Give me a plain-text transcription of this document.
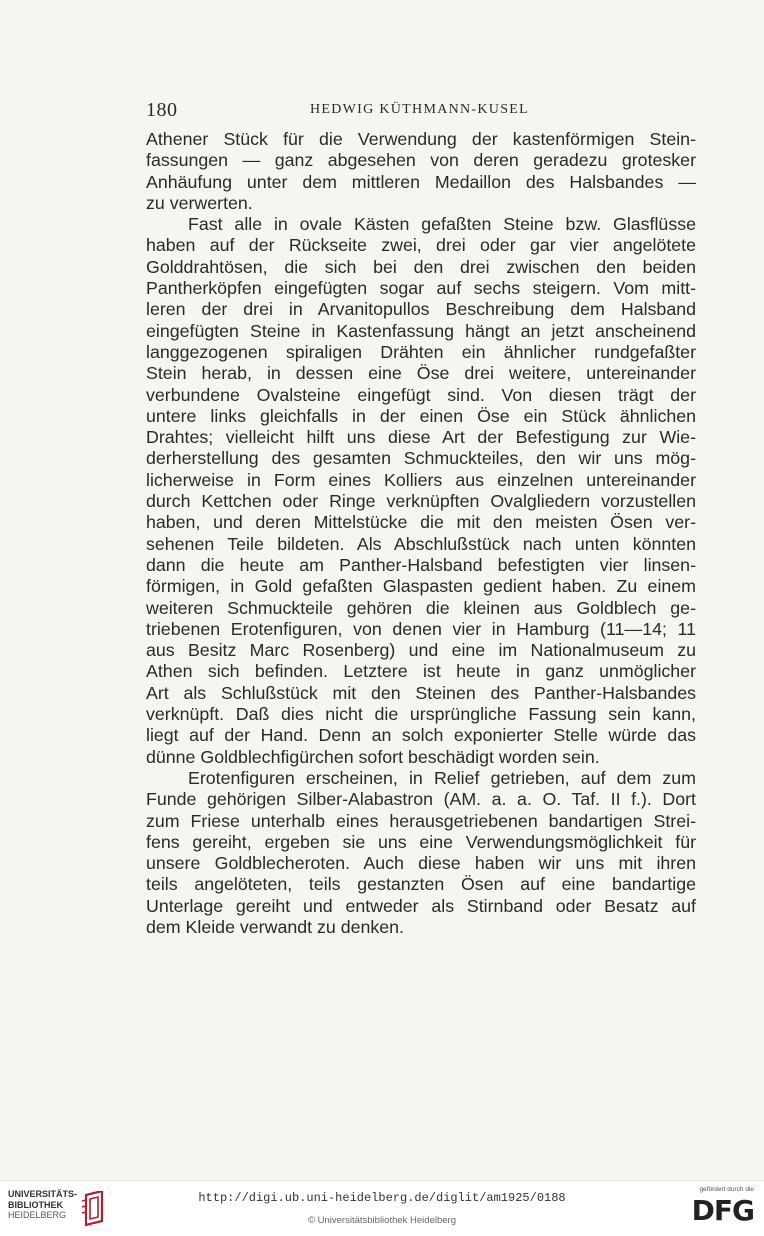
180	HEDWIG KÜTHMANN-KUSEL
Athener Stück für die Verwendung der kastenförmigen Stein-
fassungen — ganz abgesehen von deren geradezu grotesker
Anhäufung unter dem mittleren Medaillon des Halsbandes —
zu verwerten.
Fast alle in ovale Kästen gefaßten Steine bzw. Glasflüsse
haben auf der Rückseite zwei, drei oder gar vier angelötete
Golddrahtösen, die sich bei den drei zwischen den beiden
Pantherköpfen eingefügten sogar auf sechs steigern. Vom mitt-
leren der drei in Arvanitopullos Beschreibung dem Halsband
eingefügten Steine in Kastenfassung hängt an jetzt anscheinend
langgezogenen spiraligen Drähten ein ähnlicher rundgefaßter
Stein herab, in dessen eine Öse drei weitere, untereinander
verbundene Ovalsteine eingefügt sind. Von diesen trägt der
untere links gleichfalls in der einen Öse ein Stück ähnlichen
Drahtes; vielleicht hilft uns diese Art der Befestigung zur Wie-
derherstellung des gesamten Schmuckteiles, den wir uns mög-
licherweise in Form eines Kolliers aus einzelnen untereinander
durch Kettchen oder Ringe verknüpften Ovalgliedern vorzustellen
haben, und deren Mittelstücke die mit den meisten Ösen ver-
sehenen Teile bildeten. Als Abschlußstück nach unten könnten
dann die heute am Panther-Halsband befestigten vier linsen-
förmigen, in Gold gefaßten Glaspasten gedient haben. Zu einem
weiteren Schmuckteile gehören die kleinen aus Goldblech ge-
triebenen Erotenfiguren, von denen vier in Hamburg (11—14; 11
aus Besitz Marc Rosenberg) und eine im Nationalmuseum zu
Athen sich befinden. Letztere ist heute in ganz unmöglicher
Art als Schlußstück mit den Steinen des Panther-Halsbandes
verknüpft. Daß dies nicht die ursprüngliche Fassung sein kann,
liegt auf der Hand. Denn an solch exponierter Stelle würde das
dünne Goldblechfigürchen sofort beschädigt worden sein.
Erotenfiguren erscheinen, in Relief getrieben, auf dem zum
Funde gehörigen Silber-Alabastron (AM. a. a. O. Taf. II f.). Dort
zum Friese unterhalb eines herausgetriebenen bandartigen Strei-
fens gereiht, ergeben sie uns eine Verwendungsmöglichkeit für
unsere Goldblecheroten. Auch diese haben wir uns mit ihren
teils angelöteten, teils gestanzten Ösen auf eine bandartige
Unterlage gereiht und entweder als Stirnband oder Besatz auf
dem Kleide verwandt zu denken.
UNIVERSITÄTS-
BIBLIOTHEK
HEIDELBERG
http://digi.ub.uni-heidelberg.de/diglit/am1925/0188
© Universitätsbibliothek Heidelberg
gefördert durch die
DFG
